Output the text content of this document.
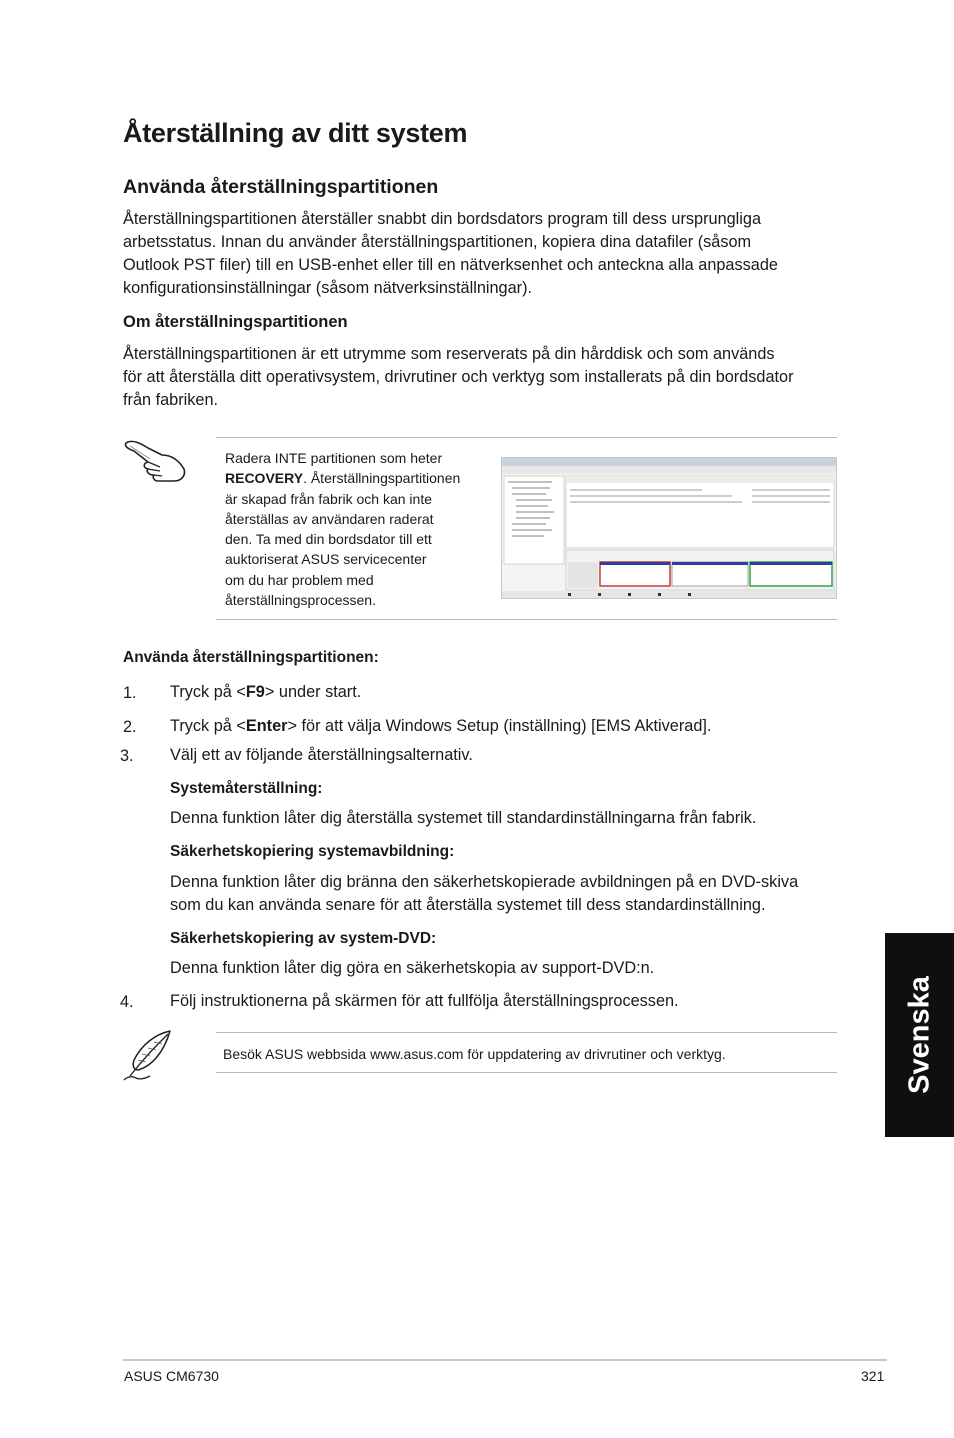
Återställning av ditt system
Använda återställningspartitionen
Återställningspartitionen återställer snabbt din bordsdators program till dess ursprungliga
arbetsstatus. Innan du använder återställningspartitionen, kopiera dina datafiler (såsom
Outlook PST filer) till en USB-enhet eller till en nätverksenhet och anteckna alla anpassade
konfigurationsinställningar (såsom nätverksinställningar).
Om återställningspartitionen
Återställningspartitionen är ett utrymme som reserverats på din hårddisk och som används
för att återställa ditt operativsystem, drivrutiner och verktyg som installerats på din bordsdator
från fabriken.
Radera INTE partitionen som heter
RECOVERY. Återställningspartitionen
är skapad från fabrik och kan inte
återställas av användaren raderat
den. Ta med din bordsdator till ett
auktoriserat ASUS servicecenter
om du har problem med
återställningsprocessen.

Använda återställningspartitionen:

1. Tryck på <F9> under start.

2. Tryck på <Enter> för att välja Windows Setup (inställning) [EMS Aktiverad].

3. Välj ett av följande återställningsalternativ.

Systemåterställning:

Denna funktion låter dig återställa systemet till standardinställningarna från fabrik.

Säkerhetskopiering systemavbildning:

Denna funktion låter dig bränna den säkerhetskopierade avbildningen på en DVD-skiva
som du kan använda senare för att återställa systemet till dess standardinställning.

Säkerhetskopiering av system-DVD:

Denna funktion låter dig göra en säkerhetskopia av support-DVD:n.

4. Följ instruktionerna på skärmen för att fullfölja återställningsprocessen.

Besök ASUS webbsida www.asus.com för uppdatering av drivrutiner och verktyg.	Svenska
ASUS CM6730	321
